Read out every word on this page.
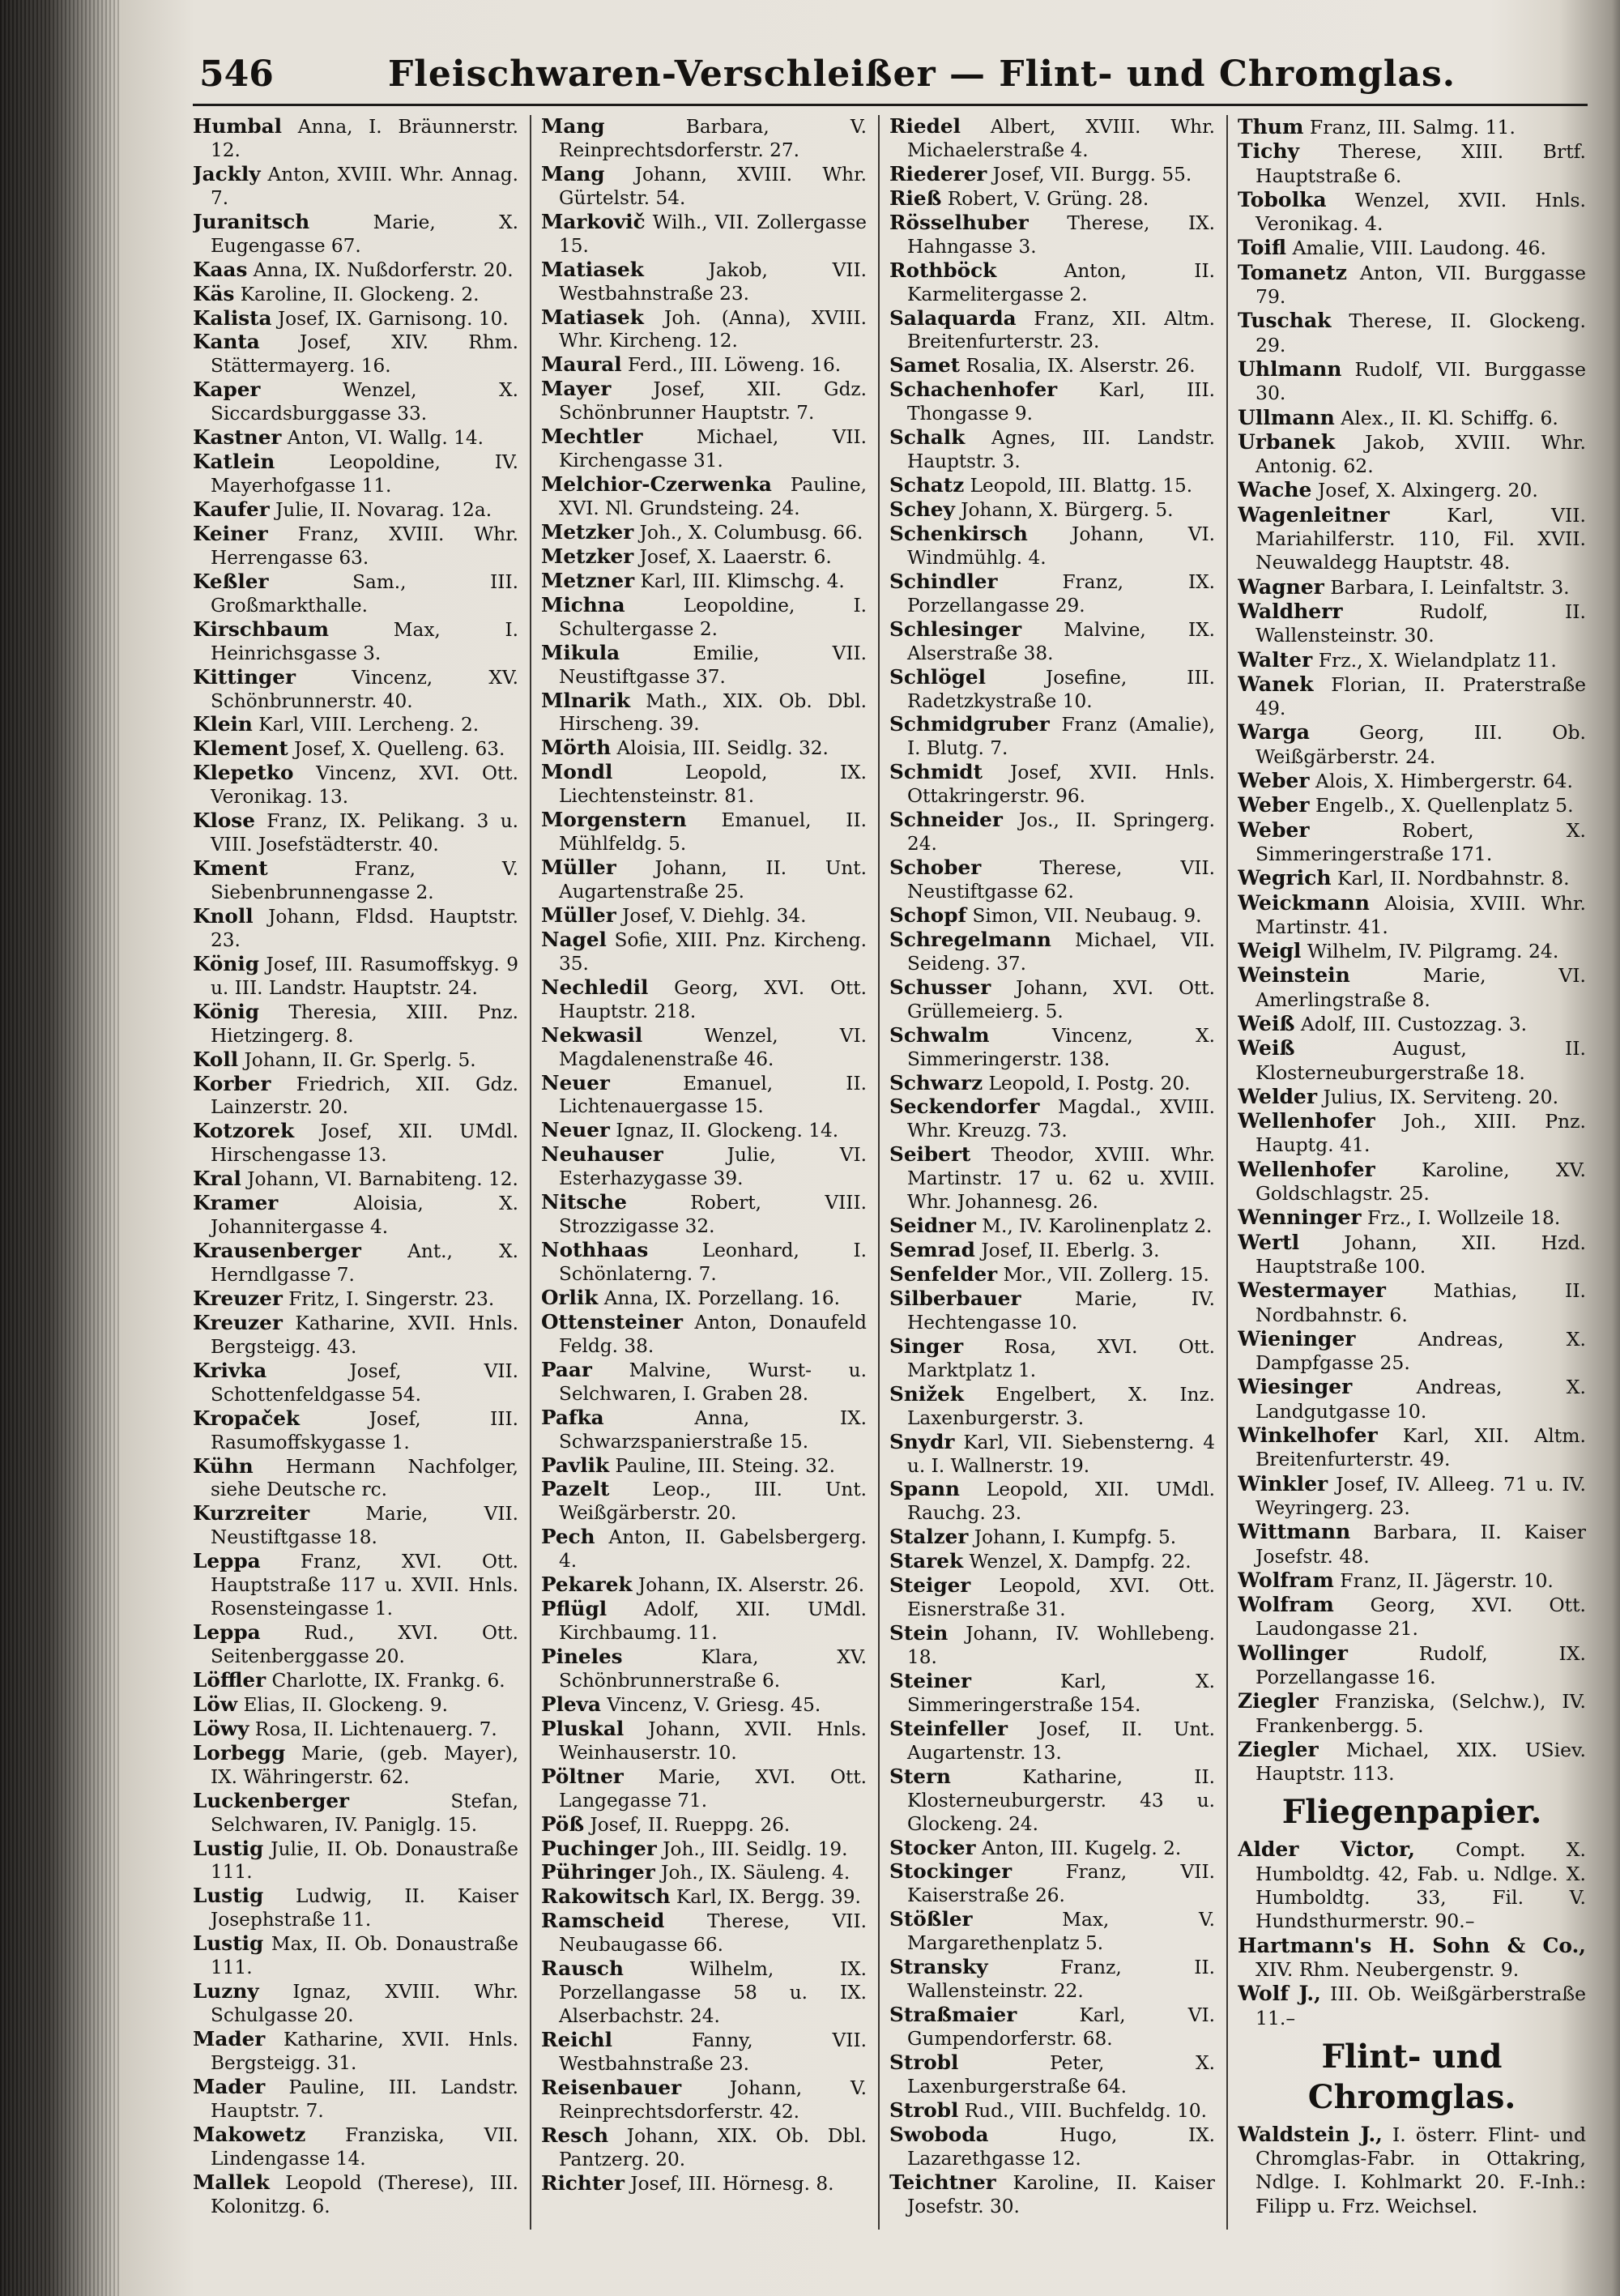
546	Fleischwaren-Verschleißer — Flint- und Chromglas.

Humbal Anna, I. Bräunnerstr. 12.

Jackly Anton, XVIII. Whr. Annag. 7.

Juranitsch	Marie, X. Eugengasse 67.

Kaas Anna, IX. Nußdorferstr. 20.

Käs Karoline, II. Glockeng. 2.

Kalista Josef, IX. Garnisong. 10.

Kanta Josef, XIV. Rhm. Stättermayerg. 16.

Kaper	Wenzel, X. Siccardsburggasse 33.

Kastner Anton, VI. Wallg. 14.

Katlein	Leopoldine, IV. Mayerhofgasse 11.

Kaufer Julie, II. Novarag. 12a.

Keiner Franz, XVIII. Whr. Herrengasse 63.

Keßler	Sam., III. Großmarkthalle.

Kirschbaum	Max, I. Heinrichsgasse 3.

Kittinger	Vincenz, XV. Schönbrunnerstr. 40.

Klein Karl, VIII. Lercheng. 2.

Klement Josef, X. Quelleng. 63.

Klepetko Vincenz, XVI. Ott. Veronikag. 13.

Klose Franz, IX. Pelikang. 3 u. VIII. Josefstädterstr. 40.

Kment	Franz, V. Siebenbrunnengasse 2.

Knoll Johann, Fldsd. Hauptstr. 23.

König Josef, III. Rasumoffskyg. 9 u. III. Landstr. Hauptstr. 24.

König Theresia, XIII. Pnz. Hietzingerg. 8.

Koll Johann, II. Gr. Sperlg. 5.

Korber Friedrich, XII. Gdz. Lainzerstr. 20.

Kotzorek Josef, XII. UMdl. Hirschengasse 13.

Kral Johann, VI. Barnabiteng. 12.

Kramer	Aloisia, X. Johannitergasse 4.

Krausenberger Ant., X. Herndlgasse 7.

Kreuzer Fritz, I. Singerstr. 23.

Kreuzer Katharine, XVII. Hnls. Bergsteigg. 43.

Krivka	Josef, VII. Schottenfeldgasse 54.

Kropaček	Josef, III. Rasumoffskygasse 1.

Kühn Hermann Nachfolger, siehe Deutsche rc.

Kurzreiter	Marie, VII. Neustiftgasse 18.

Leppa Franz, XVI. Ott. Hauptstraße 117 u. XVII. Hnls. Rosensteingasse 1.

Leppa Rud., XVI. Ott. Seitenberggasse 20.

Löffler Charlotte, IX. Frankg. 6.

Löw Elias, II. Glockeng. 9.

Löwy Rosa, II. Lichtenauerg. 7.

Lorbegg Marie, (geb. Mayer), IX. Währingerstr. 62.

Luckenberger	Stefan, Selchwaren, IV. Paniglg. 15.

Lustig Julie, II. Ob. Donaustraße 111.

Lustig Ludwig, II. Kaiser Josephstraße 11.

Lustig Max, II. Ob. Donaustraße 111.

Luzny Ignaz, XVIII. Whr. Schulgasse 20.

Mader Katharine, XVII. Hnls. Bergsteigg. 31.

Mader Pauline, III. Landstr. Hauptstr. 7.

Makowetz Franziska, VII. Lindengasse 14.

Mallek Leopold (Therese), III. Kolonitzg. 6.

Mang	Barbara, V. Reinprechtsdorferstr. 27.

Mang Johann, XVIII. Whr. Gürtelstr. 54.

Markovič Wilh., VII. Zollergasse 15.

Matiasek	Jakob, VII. Westbahnstraße 23.

Matiasek Joh. (Anna), XVIII. Whr. Kircheng. 12.

Maural Ferd., III. Löweng. 16.

Mayer Josef, XII. Gdz. Schönbrunner Hauptstr. 7.

Mechtler	Michael, VII. Kirchengasse 31.

Melchior-Czerwenka Pauline, XVI. Nl. Grundsteing. 24.

Metzker Joh., X. Columbusg. 66.

Metzker Josef, X. Laaerstr. 6.

Metzner Karl, III. Klimschg. 4.

Michna	Leopoldine, I. Schultergasse 2.

Mikula	Emilie, VII. Neustiftgasse 37.

Mlnarik Math., XIX. Ob. Dbl. Hirscheng. 39.

Mörth Aloisia, III. Seidlg. 32.

Mondl	Leopold, IX. Liechtensteinstr. 81.

Morgenstern Emanuel, II. Mühlfeldg. 5.

Müller Johann, II. Unt. Augartenstraße 25.

Müller Josef, V. Diehlg. 34.

Nagel Sofie, XIII. Pnz. Kircheng. 35.

Nechledil Georg, XVI. Ott. Hauptstr. 218.

Nekwasil	Wenzel, VI. Magdalenenstraße 46.

Neuer	Emanuel, II. Lichtenauergasse 15.

Neuer Ignaz, II. Glockeng. 14.

Neuhauser	Julie, VI. Esterhazygasse 39.

Nitsche	Robert, VIII. Strozzigasse 32.

Nothhaas	Leonhard, I. Schönlaterng. 7.

Orlik Anna, IX. Porzellang. 16.

Ottensteiner Anton, Donaufeld Feldg. 38.

Paar Malvine, Wurst- u. Selchwaren, I. Graben 28.

Pafka	Anna, IX. Schwarzspanierstraße 15.

Pavlik Pauline, III. Steing. 32.

Pazelt Leop., III. Unt. Weißgärberstr. 20.

Pech Anton, II. Gabelsbergerg. 4.

Pekarek Johann, IX. Alserstr. 26.

Pflügl Adolf, XII. UMdl. Kirchbaumg. 11.

Pineles	Klara, XV. Schönbrunnerstraße 6.

Pleva Vincenz, V. Griesg. 45.

Pluskal Johann, XVII. Hnls. Weinhauserstr. 10.

Pöltner Marie, XVI. Ott. Langegasse 71.

Pöß Josef, II. Rueppg. 26.

Puchinger Joh., III. Seidlg. 19.

Pühringer Joh., IX. Säuleng. 4.

Rakowitsch Karl, IX. Bergg. 39.

Ramscheid Therese, VII. Neubaugasse 66.

Rausch	Wilhelm, IX. Porzellangasse 58 u. IX. Alserbachstr. 24.

Reichl	Fanny, VII. Westbahnstraße 23.

Reisenbauer	Johann, V. Reinprechtsdorferstr. 42.

Resch Johann, XIX. Ob. Dbl. Pantzerg. 20.

Richter Josef, III. Hörnesg. 8.

Riedel Albert, XVIII. Whr. Michaelerstraße 4.

Riederer Josef, VII. Burgg. 55.

Rieß Robert, V. Grüng. 28.

Rösselhuber Therese, IX. Hahngasse 3.

Rothböck	Anton, II. Karmelitergasse 2.

Salaquarda Franz, XII. Altm. Breitenfurterstr. 23.

Samet Rosalia, IX. Alserstr. 26.

Schachenhofer Karl, III. Thongasse 9.

Schalk Agnes, III. Landstr. Hauptstr. 3.

Schatz Leopold, III. Blattg. 15.

Schey Johann, X. Bürgerg. 5.

Schenkirsch Johann, VI. Windmühlg. 4.

Schindler	Franz, IX. Porzellangasse 29.

Schlesinger Malvine, IX. Alserstraße 38.

Schlögel	Josefine, III. Radetzkystraße 10.

Schmidgruber Franz (Amalie), I. Blutg. 7.

Schmidt Josef, XVII. Hnls. Ottakringerstr. 96.

Schneider Jos., II. Springerg. 24.

Schober	Therese, VII. Neustiftgasse 62.

Schopf Simon, VII. Neubaug. 9.

Schregelmann Michael, VII. Seideng. 37.

Schusser Johann, XVI. Ott. Grüllemeierg. 5.

Schwalm	Vincenz, X. Simmeringerstr. 138.

Schwarz Leopold, I. Postg. 20.

Seckendorfer Magdal., XVIII. Whr. Kreuzg. 73.

Seibert Theodor, XVIII. Whr. Martinstr. 17 u. 62 u. XVIII. Whr. Johannesg. 26.

Seidner M., IV. Karolinenplatz 2.

Semrad Josef, II. Eberlg. 3.

Senfelder Mor., VII. Zollerg. 15.

Silberbauer	Marie, IV. Hechtengasse 10.

Singer Rosa, XVI. Ott. Marktplatz 1.

Snižek Engelbert, X. Inz. Laxenburgerstr. 3.

Snydr Karl, VII. Siebensterng. 4 u. I. Wallnerstr. 19.

Spann Leopold, XII. UMdl. Rauchg. 23.

Stalzer Johann, I. Kumpfg. 5.

Starek Wenzel, X. Dampfg. 22.

Steiger Leopold, XVI. Ott. Eisnerstraße 31.

Stein Johann, IV. Wohllebeng. 18.

Steiner	Karl, X. Simmeringerstraße 154.

Steinfeller Josef, II. Unt. Augartenstr. 13.

Stern	Katharine, II. Klosterneuburgerstr. 43 u. Glockeng. 24.

Stocker Anton, III. Kugelg. 2.

Stockinger	Franz, VII. Kaiserstraße 26.

Stößler	Max, V. Margarethenplatz 5.

Stransky	Franz, II. Wallensteinstr. 22.

Straßmaier	Karl, VI. Gumpendorferstr. 68.

Strobl	Peter, X. Laxenburgerstraße 64.

Strobl Rud., VIII. Buchfeldg. 10.

Swoboda	Hugo, IX. Lazarethgasse 12.

Teichtner Karoline, II. Kaiser Josefstr. 30.

Thum Franz, III. Salmg. 11.

Tichy Therese, XIII. Brtf. Hauptstraße 6.

Tobolka Wenzel, XVII. Hnls. Veronikag. 4.

Toifl Amalie, VIII. Laudong. 46.

Tomanetz Anton, VII. Burggasse 79.

Tuschak Therese, II. Glockeng. 29.

Uhlmann Rudolf, VII. Burggasse 30.

Ullmann Alex., II. Kl. Schiffg. 6.

Urbanek Jakob, XVIII. Whr. Antonig. 62.

Wache Josef, X. Alxingerg. 20.

Wagenleitner	Karl, VII. Mariahilferstr. 110, Fil. XVII. Neuwaldegg Hauptstr. 48.

Wagner Barbara, I. Leinfaltstr. 3.

Waldherr	Rudolf, II. Wallensteinstr. 30.

Walter Frz., X. Wielandplatz 11.

Wanek Florian, II. Praterstraße 49.

Warga	Georg, III. Ob. Weißgärberstr. 24.

Weber Alois, X. Himbergerstr. 64.

Weber Engelb., X. Quellenplatz 5.

Weber	Robert, X. Simmeringerstraße 171.

Wegrich Karl, II. Nordbahnstr. 8.

Weickmann Aloisia, XVIII. Whr. Martinstr. 41.

Weigl Wilhelm, IV. Pilgramg. 24.

Weinstein	Marie, VI. Amerlingstraße 8.

Weiß Adolf, III. Custozzag. 3.

Weiß	August, II. Klosterneuburgerstraße 18.

Welder Julius, IX. Serviteng. 20.

Wellenhofer Joh., XIII. Pnz. Hauptg. 41.

Wellenhofer Karoline, XV. Goldschlagstr. 25.

Wenninger Frz., I. Wollzeile 18.

Wertl Johann, XII. Hzd. Hauptstraße 100.

Westermayer Mathias, II. Nordbahnstr. 6.

Wieninger	Andreas, X. Dampfgasse 25.

Wiesinger	Andreas, X. Landgutgasse 10.

Winkelhofer Karl, XII. Altm. Breitenfurterstr. 49.

Winkler Josef, IV. Alleeg. 71 u. IV. Weyringerg. 23.

Wittmann Barbara, II. Kaiser Josefstr. 48.

Wolfram Franz, II. Jägerstr. 10.

Wolfram Georg, XVI. Ott. Laudongasse 21.

Wollinger	Rudolf, IX. Porzellangasse 16.

Ziegler Franziska, (Selchw.), IV. Frankenbergg. 5.

Ziegler Michael, XIX. USiev. Hauptstr. 113.

Fliegenpapier.

Alder Victor, Compt. X. Humboldtg. 42, Fab. u. Ndlge. X. Humboldtg. 33, Fil. V. Hundsthurmerstr. 90.–

Hartmann's H. Sohn & Co., XIV. Rhm. Neubergenstr. 9.

Wolf J., III. Ob. Weißgärberstraße 11.–

Flint- und Chromglas.

Waldstein J., I. österr. Flint- und Chromglas-Fabr. in Ottakring, Ndlge. I. Kohlmarkt 20. F.-Inh.: Filipp u. Frz. Weichsel.
